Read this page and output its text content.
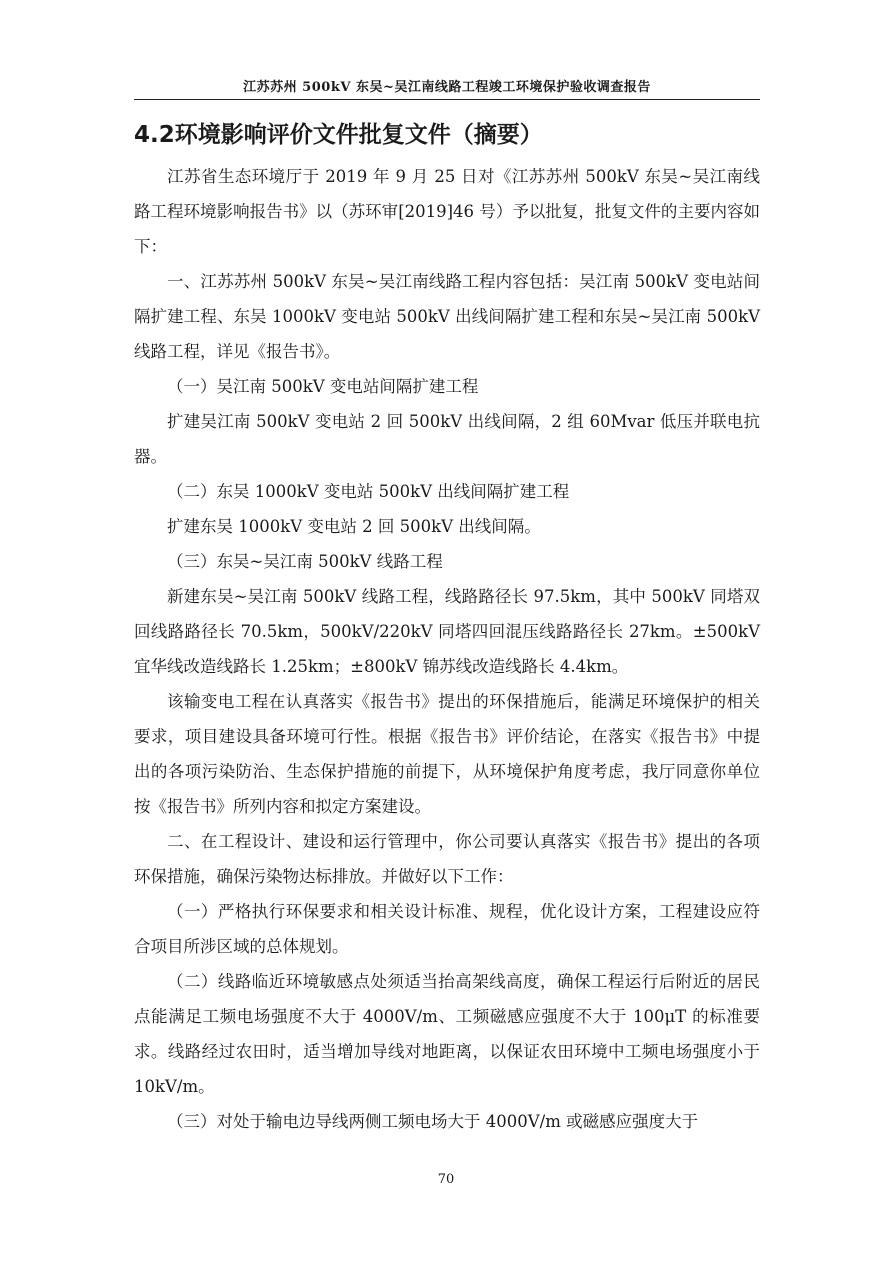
江苏苏州 500kV 东吴~吴江南线路工程竣工环境保护验收调查报告
4.2环境影响评价文件批复文件（摘要）

江苏省生态环境厅于 2019 年 9 月 25 日对《江苏苏州 500kV 东吴~吴江南线路工程环境影响报告书》以（苏环审[2019]46 号）予以批复，批复文件的主要内容如下：

一、江苏苏州 500kV 东吴~吴江南线路工程内容包括：吴江南 500kV 变电站间隔扩建工程、东吴 1000kV 变电站 500kV 出线间隔扩建工程和东吴~吴江南 500kV 线路工程，详见《报告书》。

（一）吴江南 500kV 变电站间隔扩建工程

扩建吴江南 500kV 变电站 2 回 500kV 出线间隔，2 组 60Mvar 低压并联电抗器。

（二）东吴 1000kV 变电站 500kV 出线间隔扩建工程

扩建东吴 1000kV 变电站 2 回 500kV 出线间隔。

（三）东吴~吴江南 500kV 线路工程

新建东吴~吴江南 500kV 线路工程，线路路径长 97.5km，其中 500kV 同塔双回线路路径长 70.5km，500kV/220kV 同塔四回混压线路路径长 27km。±500kV 宜华线改造线路长 1.25km；±800kV 锦苏线改造线路长 4.4km。

该输变电工程在认真落实《报告书》提出的环保措施后，能满足环境保护的相关要求，项目建设具备环境可行性。根据《报告书》评价结论，在落实《报告书》中提出的各项污染防治、生态保护措施的前提下，从环境保护角度考虑，我厅同意你单位按《报告书》所列内容和拟定方案建设。

二、在工程设计、建设和运行管理中，你公司要认真落实《报告书》提出的各项环保措施，确保污染物达标排放。并做好以下工作：

（一）严格执行环保要求和相关设计标准、规程，优化设计方案，工程建设应符合项目所涉区域的总体规划。

（二）线路临近环境敏感点处须适当抬高架线高度，确保工程运行后附近的居民点能满足工频电场强度不大于 4000V/m、工频磁感应强度不大于 100μT 的标准要求。线路经过农田时，适当增加导线对地距离，以保证农田环境中工频电场强度小于 10kV/m。

（三）对处于输电边导线两侧工频电场大于 4000V/m 或磁感应强度大于

70
